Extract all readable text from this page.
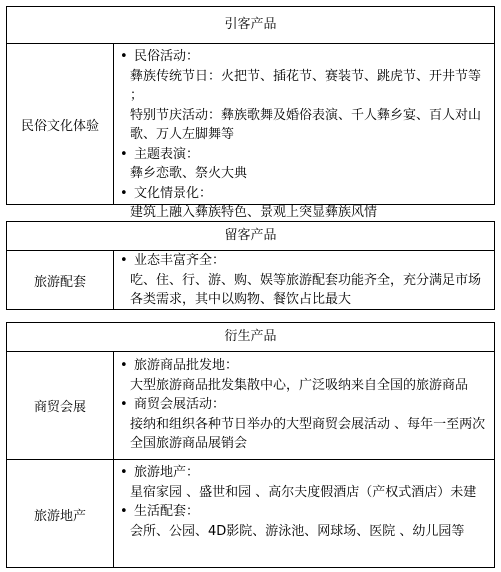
引客产品
民俗文化体验
• 民俗活动：
彝族传统节日：火把节、插花节、赛装节、跳虎节、开井节等 ；
特别节庆活动：彝族歌舞及婚俗表演、千人彝乡宴、百人对山歌、万人左脚舞等
• 主题表演：
彝乡恋歌、祭火大典
• 文化情景化：
建筑上融入彝族特色、景观上突显彝族风情
留客产品
旅游配套
• 业态丰富齐全：
吃、住、行、游、购、娱等旅游配套功能齐全，充分满足市场各类需求，其中以购物、餐饮占比最大
衍生产品
商贸会展
• 旅游商品批发地：
大型旅游商品批发集散中心，广泛吸纳来自全国的旅游商品
• 商贸会展活动：
接纳和组织各种节日举办的大型商贸会展活动 、每年一至两次全国旅游商品展销会
旅游地产
• 旅游地产：
星宿家园 、盛世和园 、高尔夫度假酒店（产权式酒店）未建
• 生活配套：
会所、公园、4D影院、游泳池、网球场、医院 、幼儿园等
